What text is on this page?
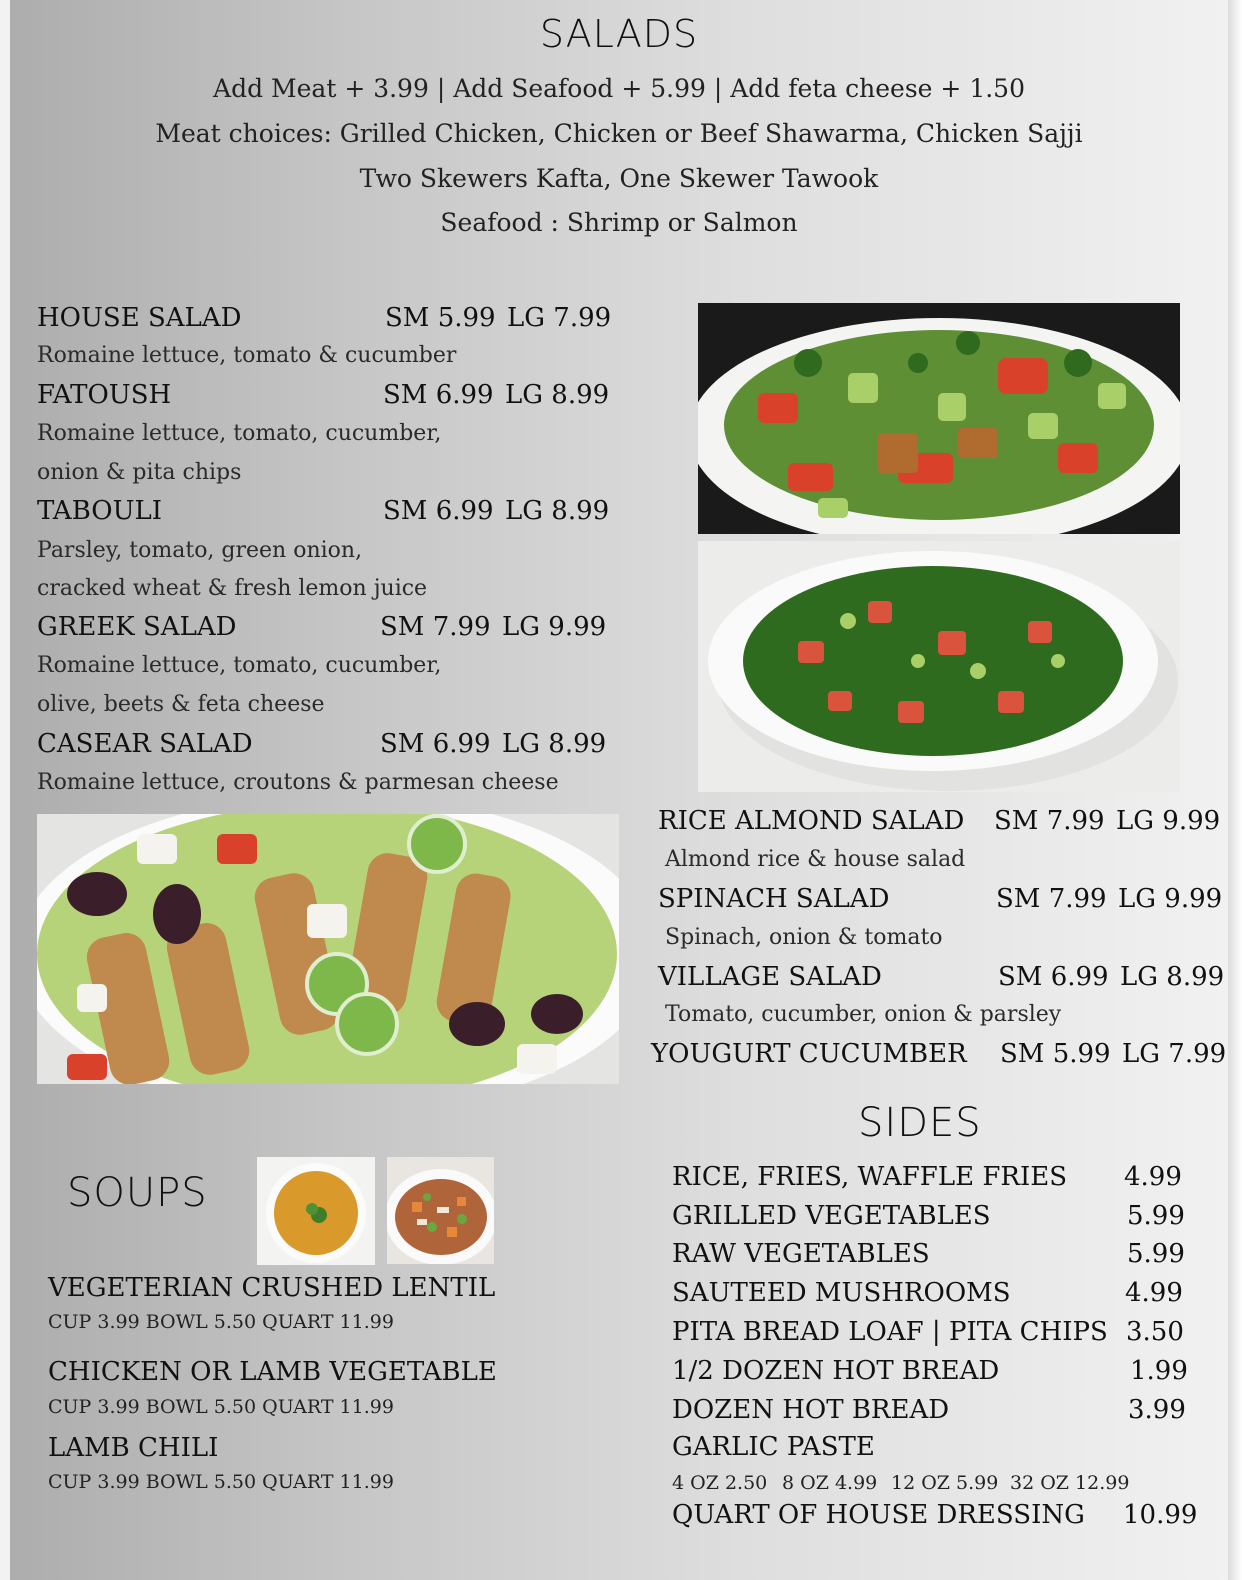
SALADS
Add Meat + 3.99 | Add Seafood + 5.99 | Add feta cheese + 1.50
Meat choices: Grilled Chicken, Chicken or Beef Shawarma, Chicken Sajji
Two Skewers Kafta, One Skewer Tawook
Seafood : Shrimp or Salmon
HOUSE SALAD	SM 5.99 LG 7.99
Romaine lettuce, tomato & cucumber
FATOUSH	SM 6.99 LG 8.99
Romaine lettuce, tomato, cucumber,
onion & pita chips
TABOULI	SM 6.99 LG 8.99
Parsley, tomato, green onion,
cracked wheat & fresh lemon juice
GREEK SALAD	SM 7.99 LG 9.99
Romaine lettuce, tomato, cucumber,
olive, beets & feta cheese
CASEAR SALAD	SM 6.99 LG 8.99
Romaine lettuce, croutons & parmesan cheese
RICE ALMOND SALAD SM 7.99 LG 9.99
Almond rice & house salad
SPINACH SALAD	SM 7.99 LG 9.99
Spinach, onion & tomato
VILLAGE SALAD	SM 6.99 LG 8.99
Tomato, cucumber, onion & parsley
YOUGURT CUCUMBER SM 5.99 LG 7.99
SIDES
RICE, FRIES, WAFFLE FRIES 4.99
GRILLED VEGETABLES	5.99
RAW VEGETABLES	5.99
SAUTEED MUSHROOMS	4.99
PITA BREAD LOAF | PITA CHIPS 3.50
1/2 DOZEN HOT BREAD	1.99
DOZEN HOT BREAD	3.99
GARLIC PASTE
4 OZ 2.50 8 OZ 4.99 12 OZ 5.99 32 OZ 12.99
QUART OF HOUSE DRESSING 10.99
SOUPS
VEGETERIAN CRUSHED LENTIL
CUP 3.99 BOWL 5.50 QUART 11.99
CHICKEN OR LAMB VEGETABLE
CUP 3.99 BOWL 5.50 QUART 11.99
LAMB CHILI
CUP 3.99 BOWL 5.50 QUART 11.99
